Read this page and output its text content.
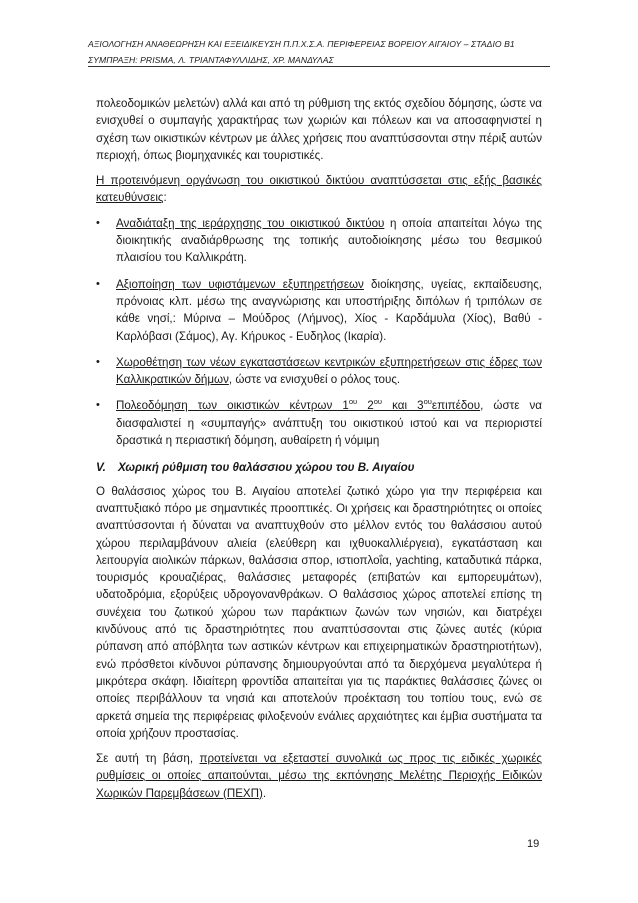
ΑΞΙΟΛΟΓΗΣΗ ΑΝΑΘΕΩΡΗΣΗ ΚΑΙ ΕΞΕΙΔΙΚΕΥΣΗ Π.Π.Χ.Σ.Α. ΠΕΡΙΦΕΡΕΙΑΣ ΒΟΡΕΙΟΥ ΑΙΓΑΙΟΥ – ΣΤΑΔΙΟ Β1
ΣΥΜΠΡΑΞΗ: PRISMA, Λ. ΤΡΙΑΝΤΑΦΥΛΛΙΔΗΣ, ΧΡ. ΜΑΝΔΥΛΑΣ

πολεοδομικών μελετών) αλλά και από τη ρύθμιση της εκτός σχεδίου δόμησης, ώστε να ενισχυθεί ο συμπαγής χαρακτήρας των χωριών και πόλεων και να αποσαφηνιστεί η σχέση των οικιστικών κέντρων με άλλες χρήσεις που αναπτύσσονται στην πέριξ αυτών περιοχή, όπως βιομηχανικές και τουριστικές.

Η προτεινόμενη οργάνωση του οικιστικού δικτύου αναπτύσσεται στις εξής βασικές κατευθύνσεις:

• Αναδιάταξη της ιεράρχησης του οικιστικού δικτύου η οποία απαιτείται λόγω της διοικητικής αναδιάρθρωσης της τοπικής αυτοδιοίκησης μέσω του θεσμικού πλαισίου του Καλλικράτη.
• Αξιοποίηση των υφιστάμενων εξυπηρετήσεων διοίκησης, υγείας, εκπαίδευσης, πρόνοιας κλπ. μέσω της αναγνώρισης και υποστήριξης διπόλων ή τριπόλων σε κάθε νησί,: Μύρινα – Μούδρος (Λήμνος), Χίος - Καρδάμυλα (Χίος), Βαθύ - Καρλόβασι (Σάμος), Αγ. Κήρυκος - Ευδηλος (Ικαρία).
• Χωροθέτηση των νέων εγκαταστάσεων κεντρικών εξυπηρετήσεων στις έδρες των Καλλικρατικών δήμων, ώστε να ενισχυθεί ο ρόλος τους.
• Πολεοδόμηση των οικιστικών κέντρων $1^{o\upsilon}$ $2^{o\upsilon}$ και $3^{o\upsilon}\varepsilon\pi\iota\pi έ\delta o\upsilon$, ώστε να διασφαλιστεί η «συμπαγής» ανάπτυξη του οικιστικού ιστού και να περιοριστεί δραστικά η περιαστική δόμηση, αυθαίρετη ή νόμιμη
V. Χωρική ρύθμιση του θαλάσσιου χώρου του Β. Αιγαίου

Ο θαλάσσιος χώρος του Β. Αιγαίου αποτελεί ζωτικό χώρο για την περιφέρεια και αναπτυξιακό πόρο με σημαντικές προοπτικές. Οι χρήσεις και δραστηριότητες οι οποίες αναπτύσσονται ή δύναται να αναπτυχθούν στο μέλλον εντός του θαλάσσιου αυτού χώρου περιλαμβάνουν αλιεία (ελεύθερη και ιχθυοκαλλιέργεια), εγκατάσταση και λειτουργία αιολικών πάρκων, θαλάσσια σπορ, ιστιοπλοΐα, yachting, καταδυτικά πάρκα, τουρισμός κρουαζιέρας, θαλάσσιες μεταφορές (επιβατών και εμπορευμάτων), υδατοδρόμια, εξορύξεις υδρογονανθράκων. Ο θαλάσσιος χώρος αποτελεί επίσης τη συνέχεια του ζωτικού χώρου των παράκτιων ζωνών των νησιών, και διατρέχει κινδύνους από τις δραστηριότητες που αναπτύσσονται στις ζώνες αυτές (κύρια ρύπανση από απόβλητα των αστικών κέντρων και επιχειρηματικών δραστηριοτήτων), ενώ πρόσθετοι κίνδυνοι ρύπανσης δημιουργούνται από τα διερχόμενα μεγαλύτερα ή μικρότερα σκάφη. Ιδιαίτερη φροντίδα απαιτείται για τις παράκτιες θαλάσσιες ζώνες οι οποίες περιβάλλουν τα νησιά και αποτελούν προέκταση του τοπίου τους, ενώ σε αρκετά σημεία της περιφέρειας φιλοξενούν ενάλιες αρχαιότητες και έμβια συστήματα τα οποία χρήζουν προστασίας.

Σε αυτή τη βάση, προτείνεται να εξεταστεί συνολικά ως προς τις ειδικές χωρικές ρυθμίσεις οι οποίες απαιτούνται, μέσω της εκπόνησης Μελέτης Περιοχής Ειδικών Χωρικών Παρεμβάσεων (ΠΕΧΠ).

19
